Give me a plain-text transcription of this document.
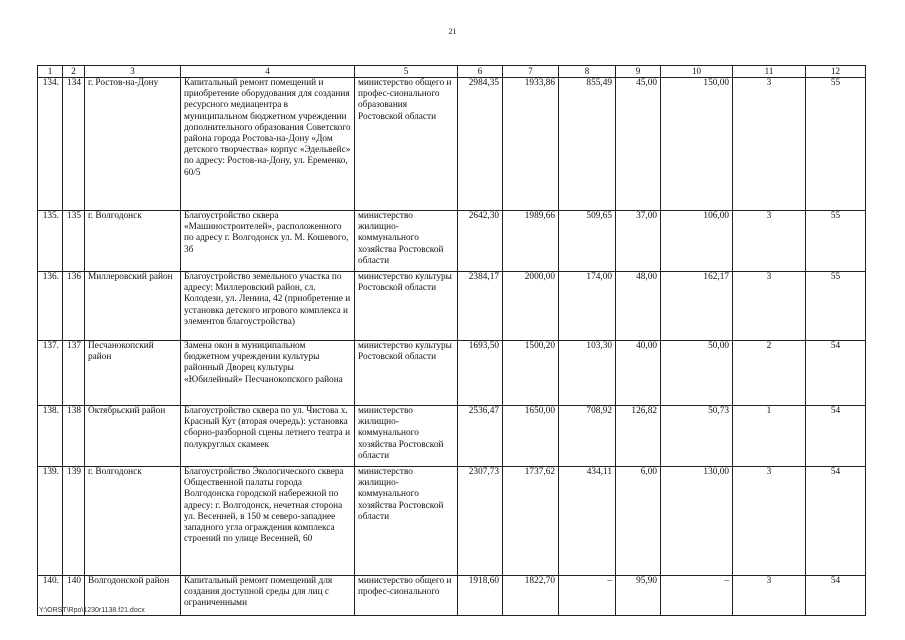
21
1	2	3	4	5	6	7	8	9	10	11	12
134.	134	г. Ростов-на-Дону	Капитальный ремонт помещений и приобретение оборудования для создания ресурсного медиацентра в муниципальном бюджетном учреждении дополнительного образования Советского района города Ростова-на-Дону «Дом детского творчества» корпус «Эдельвейс» по адресу: Ростов-на-Дону, ул. Еременко, 60/5	министерство общего и профес-сионального образования Ростовской области	2984,35	1933,86	855,49	45,00	150,00	3	55
135.	135	г. Волгодонск	Благоустройство сквера «Машиностроителей», расположенного по адресу г. Волгодонск ул. М. Кошевого, 3б	министерство жилищно-коммунального хозяйства Ростовской области	2642,30	1989,66	509,65	37,00	106,00	3	55
136.	136	Миллеровский район	Благоустройство земельного участка по адресу: Миллеровский район, сл. Колодези, ул. Ленина, 42 (приобретение и установка детского игрового комплекса и элементов благоустройства)	министерство культуры Ростовской области	2384,17	2000,00	174,00	48,00	162,17	3	55
137.	137	Песчанокопский район	Замена окон в муниципальном бюджетном учреждении культуры районный Дворец культуры «Юбилейный» Песчанокопского района	министерство культуры Ростовской области	1693,50	1500,20	103,30	40,00	50,00	2	54
138.	138	Октябрьский район	Благоустройство сквера по ул. Чистова х. Красный Кут (вторая очередь): установка сборно-разборной сцены летнего театра и полукруглых скамеек	министерство жилищно-коммунального хозяйства Ростовской области	2536,47	1650,00	708,92	126,82	50,73	1	54
139.	139	г. Волгодонск	Благоустройство Экологического сквера Общественной палаты города Волгодонска городской набережной по адресу: г. Волгодонск, нечетная сторона ул. Весенней, в 150 м северо-западнее западного угла ограждения комплекса строений по улице Весенней, 60	министерство жилищно-коммунального хозяйства Ростовской области	2307,73	1737,62	434,11	6,00	130,00	3	54
140.	140	Волгодонской район	Капитальный ремонт помещений для создания доступной среды для лиц с ограниченными	министерство общего и профес-сионального	1918,60	1822,70	–	95,90	–	3	54
Y:\ORST\Rpo\1230r1138.f21.docx
